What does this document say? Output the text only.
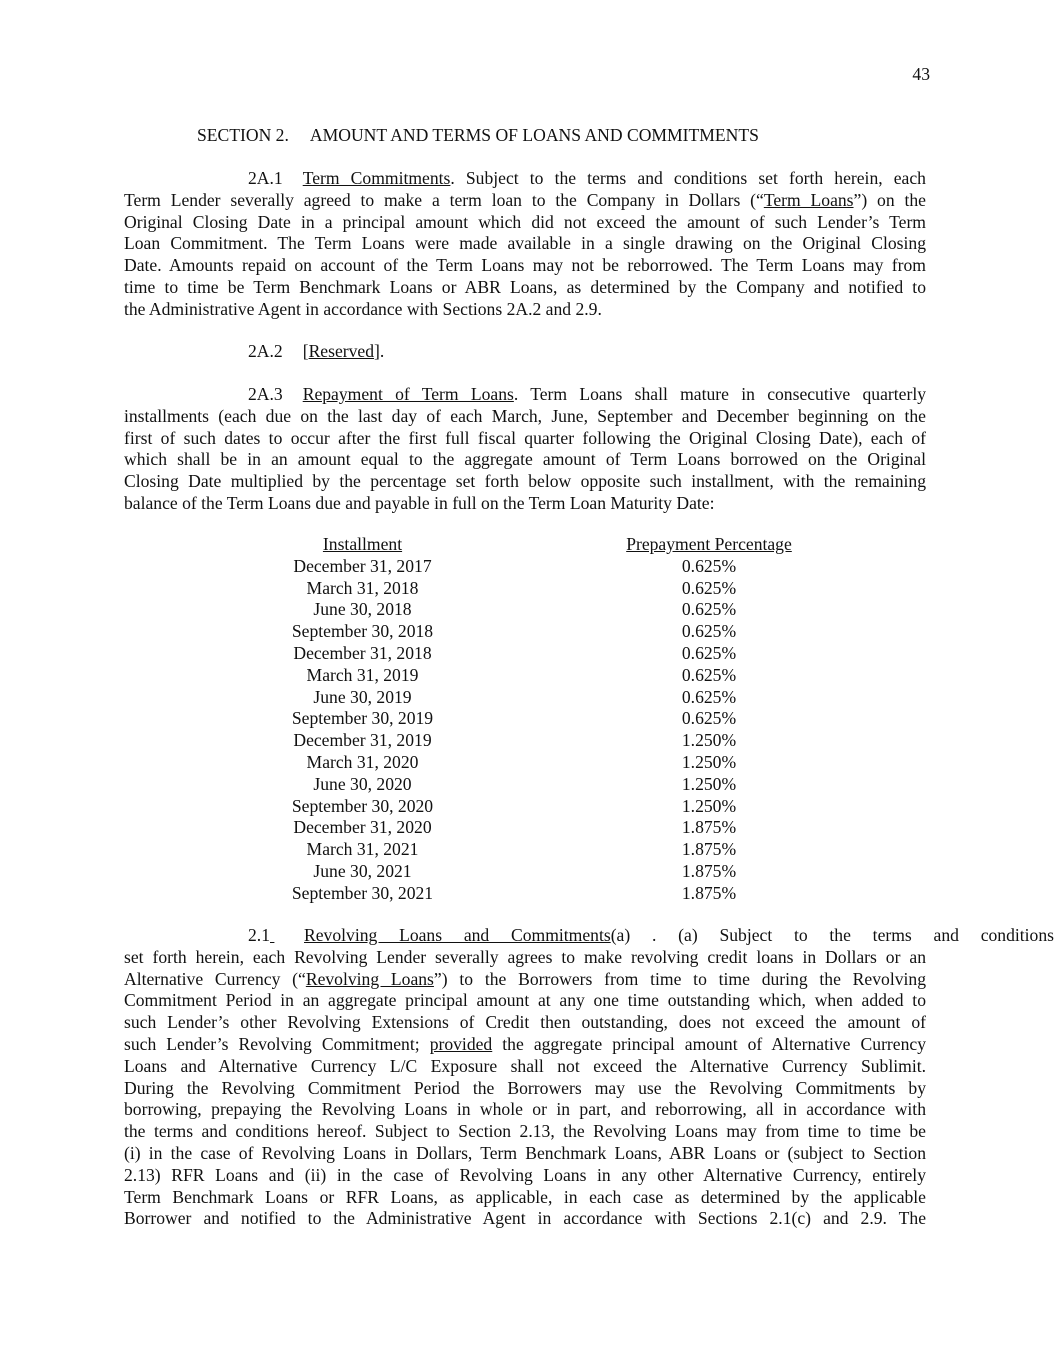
43
SECTION 2.     AMOUNT AND TERMS OF LOANS AND COMMITMENTS
2A.1 Term Commitments. Subject to the terms and conditions set forth herein, each
Term Lender severally agreed to make a term loan to the Company in Dollars (“Term Loans”) on the
Original Closing Date in a principal amount which did not exceed the amount of such Lender’s Term
Loan Commitment. The Term Loans were made available in a single drawing on the Original Closing
Date. Amounts repaid on account of the Term Loans may not be reborrowed. The Term Loans may from
time to time be Term Benchmark Loans or ABR Loans, as determined by the Company and notified to
the Administrative Agent in accordance with Sections 2A.2 and 2.9.
2A.2 [Reserved].
2A.3 Repayment of Term Loans. Term Loans shall mature in consecutive quarterly
installments (each due on the last day of each March, June, September and December beginning on the
first of such dates to occur after the first full fiscal quarter following the Original Closing Date), each of
which shall be in an amount equal to the aggregate amount of Term Loans borrowed on the Original
Closing Date multiplied by the percentage set forth below opposite such installment, with the remaining
balance of the Term Loans due and payable in full on the Term Loan Maturity Date:
Installment	Prepayment Percentage
December 31, 2017	0.625%
March 31, 2018	0.625%
June 30, 2018	0.625%
September 30, 2018	0.625%
December 31, 2018	0.625%
March 31, 2019	0.625%
June 30, 2019	0.625%
September 30, 2019	0.625%
December 31, 2019	1.250%
March 31, 2020	1.250%
June 30, 2020	1.250%
September 30, 2020	1.250%
December 31, 2020	1.875%
March 31, 2021	1.875%
June 30, 2021	1.875%
September 30, 2021	1.875%
2.1 Revolving Loans and Commitments(a) . (a) Subject to the terms and conditions
set forth herein, each Revolving Lender severally agrees to make revolving credit loans in Dollars or an
Alternative Currency (“Revolving Loans”) to the Borrowers from time to time during the Revolving
Commitment Period in an aggregate principal amount at any one time outstanding which, when added to
such Lender’s other Revolving Extensions of Credit then outstanding, does not exceed the amount of
such Lender’s Revolving Commitment; provided the aggregate principal amount of Alternative Currency
Loans and Alternative Currency L/C Exposure shall not exceed the Alternative Currency Sublimit.
During the Revolving Commitment Period the Borrowers may use the Revolving Commitments by
borrowing, prepaying the Revolving Loans in whole or in part, and reborrowing, all in accordance with
the terms and conditions hereof. Subject to Section 2.13, the Revolving Loans may from time to time be
(i) in the case of Revolving Loans in Dollars, Term Benchmark Loans, ABR Loans or (subject to Section
2.13) RFR Loans and (ii) in the case of Revolving Loans in any other Alternative Currency, entirely
Term Benchmark Loans or RFR Loans, as applicable, in each case as determined by the applicable
Borrower and notified to the Administrative Agent in accordance with Sections 2.1(c) and 2.9. The
